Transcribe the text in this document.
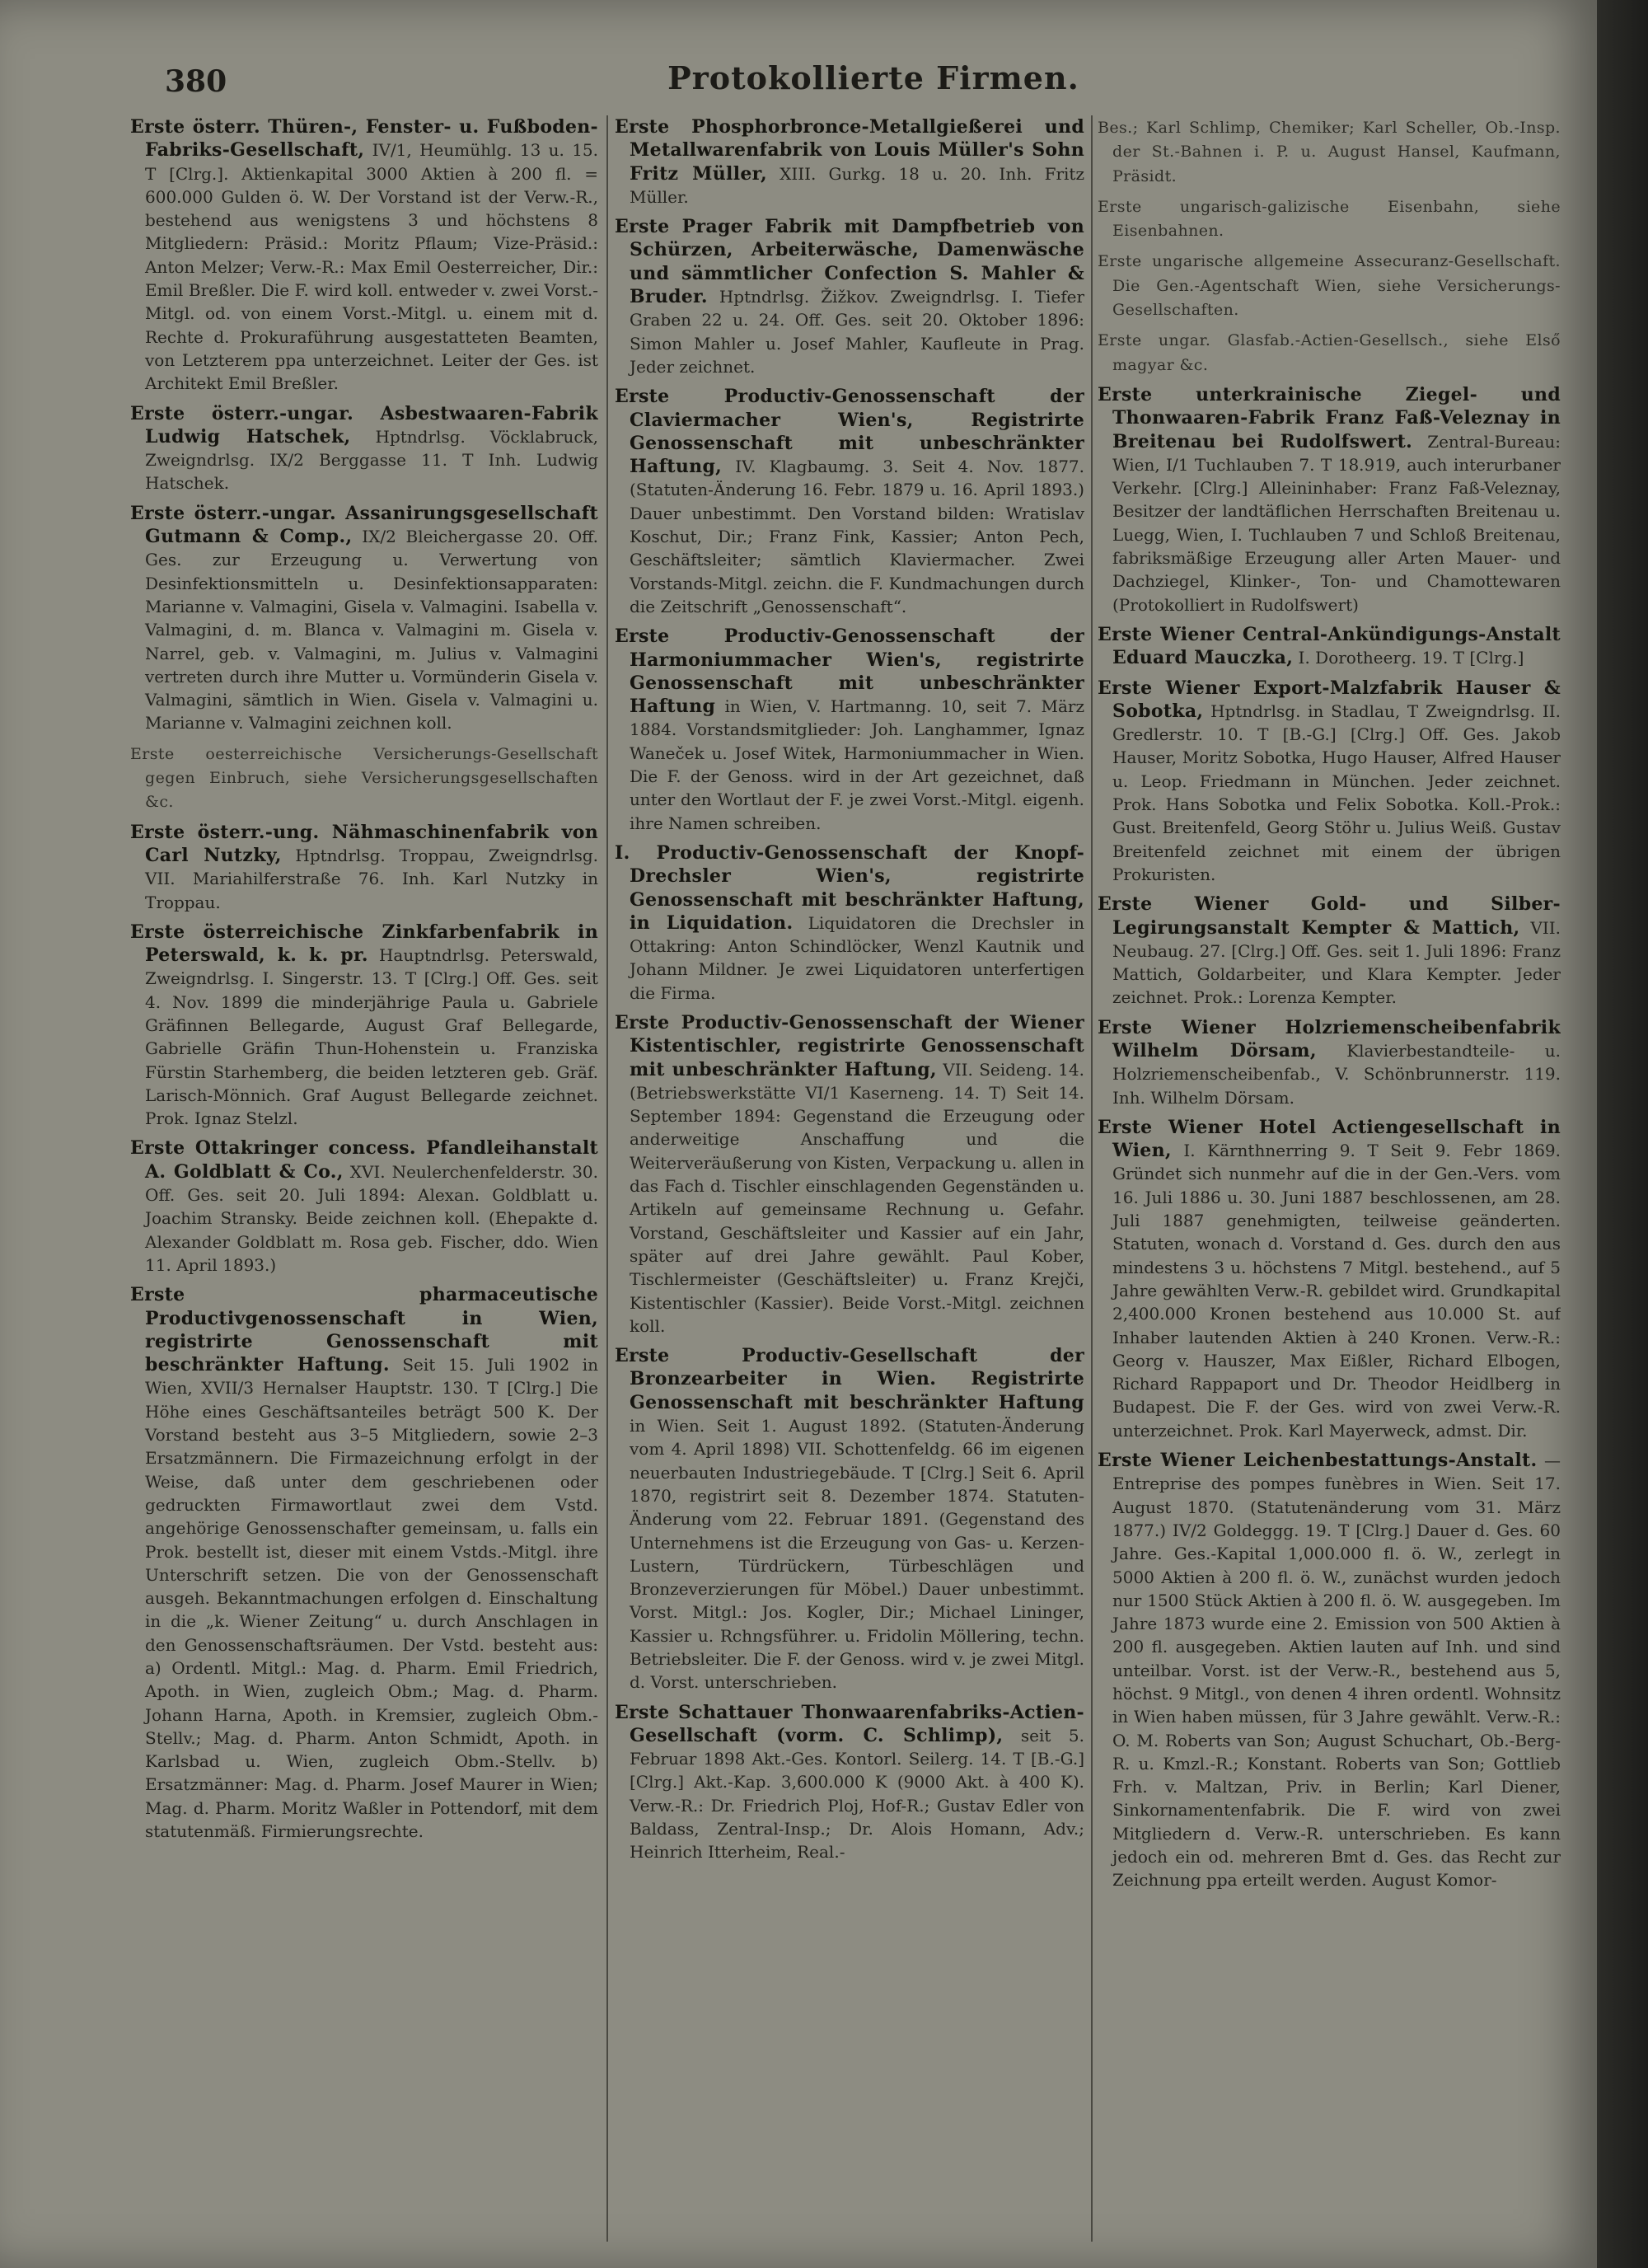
380	Protokollierte Firmen.

Erste österr. Thüren-, Fenster- u. Fußboden-Fabriks-Gesellschaft, IV/1, Heumühlg. 13 u. 15. T [Clrg.]. Aktienkapital 3000 Aktien à 200 fl. = 600.000 Gulden ö. W. Der Vorstand ist der Verw.-R., bestehend aus wenigstens 3 und höchstens 8 Mitgliedern: Präsid.: Moritz Pflaum; Vize-Präsid.: Anton Melzer; Verw.-R.: Max Emil Oesterreicher, Dir.: Emil Breßler. Die F. wird koll. entweder v. zwei Vorst.-Mitgl. od. von einem Vorst.-Mitgl. u. einem mit d. Rechte d. Prokuraführung ausgestatteten Beamten, von Letzterem ppa unterzeichnet. Leiter der Ges. ist Architekt Emil Breßler.

Erste österr.-ungar. Asbestwaaren-Fabrik Ludwig Hatschek, Hptndrlsg. Vöcklabruck, Zweigndrlsg. IX/2 Berggasse 11. T Inh. Ludwig Hatschek.

Erste österr.-ungar. Assanirungsgesellschaft Gutmann & Comp., IX/2 Bleichergasse 20. Off. Ges. zur Erzeugung u. Verwertung von Desinfektionsmitteln u. Desinfektionsapparaten: Marianne v. Valmagini, Gisela v. Valmagini. Isabella v. Valmagini, d. m. Blanca v. Valmagini m. Gisela v. Narrel, geb. v. Valmagini, m. Julius v. Valmagini vertreten durch ihre Mutter u. Vormünderin Gisela v. Valmagini, sämtlich in Wien. Gisela v. Valmagini u. Marianne v. Valmagini zeichnen koll.

Erste oesterreichische Versicherungs-Gesellschaft gegen Einbruch, siehe Versicherungsgesellschaften &c.

Erste österr.-ung. Nähmaschinenfabrik von Carl Nutzky, Hptndrlsg. Troppau, Zweigndrlsg. VII. Mariahilferstraße 76. Inh. Karl Nutzky in Troppau.

Erste österreichische Zinkfarbenfabrik in Peterswald, k. k. pr. Hauptndrlsg. Peterswald, Zweigndrlsg. I. Singerstr. 13. T [Clrg.] Off. Ges. seit 4. Nov. 1899 die minderjährige Paula u. Gabriele Gräfinnen Bellegarde, August Graf Bellegarde, Gabrielle Gräfin Thun-Hohenstein u. Franziska Fürstin Starhemberg, die beiden letzteren geb. Gräf. Larisch-Mönnich. Graf August Bellegarde zeichnet. Prok. Ignaz Stelzl.

Erste Ottakringer concess. Pfandleihanstalt A. Goldblatt & Co., XVI. Neulerchenfelderstr. 30. Off. Ges. seit 20. Juli 1894: Alexan. Goldblatt u. Joachim Stransky. Beide zeichnen koll. (Ehepakte d. Alexander Goldblatt m. Rosa geb. Fischer, ddo. Wien 11. April 1893.)

Erste pharmaceutische Productivgenossenschaft in Wien, registrirte Genossenschaft mit beschränkter Haftung. Seit 15. Juli 1902 in Wien, XVII/3 Hernalser Hauptstr. 130. T [Clrg.] Die Höhe eines Geschäftsanteiles beträgt 500 K. Der Vorstand besteht aus 3–5 Mitgliedern, sowie 2–3 Ersatzmännern. Die Firmazeichnung erfolgt in der Weise, daß unter dem geschriebenen oder gedruckten Firmawortlaut zwei dem Vstd. angehörige Genossenschafter gemeinsam, u. falls ein Prok. bestellt ist, dieser mit einem Vstds.-Mitgl. ihre Unterschrift setzen. Die von der Genossenschaft ausgeh. Bekanntmachungen erfolgen d. Einschaltung in die „k. Wiener Zeitung“ u. durch Anschlagen in den Genossenschaftsräumen. Der Vstd. besteht aus: a) Ordentl. Mitgl.: Mag. d. Pharm. Emil Friedrich, Apoth. in Wien, zugleich Obm.; Mag. d. Pharm. Johann Harna, Apoth. in Kremsier, zugleich Obm.-Stellv.; Mag. d. Pharm. Anton Schmidt, Apoth. in Karlsbad u. Wien, zugleich Obm.-Stellv. b) Ersatzmänner: Mag. d. Pharm. Josef Maurer in Wien; Mag. d. Pharm. Moritz Waßler in Pottendorf, mit dem statutenmäß. Firmierungsrechte.

Erste Phosphorbronce-Metallgießerei und Metallwarenfabrik von Louis Müller's Sohn Fritz Müller, XIII. Gurkg. 18 u. 20. Inh. Fritz Müller.

Erste Prager Fabrik mit Dampfbetrieb von Schürzen, Arbeiterwäsche, Damenwäsche und sämmtlicher Confection S. Mahler & Bruder. Hptndrlsg. Žižkov. Zweigndrlsg. I. Tiefer Graben 22 u. 24. Off. Ges. seit 20. Oktober 1896: Simon Mahler u. Josef Mahler, Kaufleute in Prag. Jeder zeichnet.

Erste Productiv-Genossenschaft der Claviermacher Wien's, Registrirte Genossenschaft mit unbeschränkter Haftung, IV. Klagbaumg. 3. Seit 4. Nov. 1877. (Statuten-Änderung 16. Febr. 1879 u. 16. April 1893.) Dauer unbestimmt. Den Vorstand bilden: Wratislav Koschut, Dir.; Franz Fink, Kassier; Anton Pech, Geschäftsleiter; sämtlich Klaviermacher. Zwei Vorstands-Mitgl. zeichn. die F. Kundmachungen durch die Zeitschrift „Genossenschaft“.

Erste Productiv-Genossenschaft der Harmoniummacher Wien's, registrirte Genossenschaft mit unbeschränkter Haftung in Wien, V. Hartmanng. 10, seit 7. März 1884. Vorstandsmitglieder: Joh. Langhammer, Ignaz Waneček u. Josef Witek, Harmoniummacher in Wien. Die F. der Genoss. wird in der Art gezeichnet, daß unter den Wortlaut der F. je zwei Vorst.-Mitgl. eigenh. ihre Namen schreiben.

I. Productiv-Genossenschaft der Knopf-Drechsler Wien's, registrirte Genossenschaft mit beschränkter Haftung, in Liquidation. Liquidatoren die Drechsler in Ottakring: Anton Schindlöcker, Wenzl Kautnik und Johann Mildner. Je zwei Liquidatoren unterfertigen die Firma.

Erste Productiv-Genossenschaft der Wiener Kistentischler, registrirte Genossenschaft mit unbeschränkter Haftung, VII. Seideng. 14. (Betriebswerkstätte VI/1 Kaserneng. 14. T) Seit 14. September 1894: Gegenstand die Erzeugung oder anderweitige Anschaffung und die Weiterveräußerung von Kisten, Verpackung u. allen in das Fach d. Tischler einschlagenden Gegenständen u. Artikeln auf gemeinsame Rechnung u. Gefahr. Vorstand, Geschäftsleiter und Kassier auf ein Jahr, später auf drei Jahre gewählt. Paul Kober, Tischlermeister (Geschäftsleiter) u. Franz Krejči, Kistentischler (Kassier). Beide Vorst.-Mitgl. zeichnen koll.

Erste Productiv-Gesellschaft der Bronzearbeiter in Wien. Registrirte Genossenschaft mit beschränkter Haftung in Wien. Seit 1. August 1892. (Statuten-Änderung vom 4. April 1898) VII. Schottenfeldg. 66 im eigenen neuerbauten Industriegebäude. T [Clrg.] Seit 6. April 1870, registrirt seit 8. Dezember 1874. Statuten-Änderung vom 22. Februar 1891. (Gegenstand des Unternehmens ist die Erzeugung von Gas- u. Kerzen-Lustern, Türdrückern, Türbeschlägen und Bronzeverzierungen für Möbel.) Dauer unbestimmt. Vorst. Mitgl.: Jos. Kogler, Dir.; Michael Lininger, Kassier u. Rchngsführer. u. Fridolin Möllering, techn. Betriebsleiter. Die F. der Genoss. wird v. je zwei Mitgl. d. Vorst. unterschrieben.

Erste Schattauer Thonwaarenfabriks-Actien-Gesellschaft (vorm. C. Schlimp), seit 5. Februar 1898 Akt.-Ges. Kontorl. Seilerg. 14. T [B.-G.] [Clrg.] Akt.-Kap. 3,600.000 K (9000 Akt. à 400 K). Verw.-R.: Dr. Friedrich Ploj, Hof-R.; Gustav Edler von Baldass, Zentral-Insp.; Dr. Alois Homann, Adv.; Heinrich Itterheim, Real.-

Bes.; Karl Schlimp, Chemiker; Karl Scheller, Ob.-Insp. der St.-Bahnen i. P. u. August Hansel, Kaufmann, Präsidt.

Erste ungarisch-galizische Eisenbahn, siehe Eisenbahnen.

Erste ungarische allgemeine Assecuranz-Gesellschaft. Die Gen.-Agentschaft Wien, siehe Versicherungs-Gesellschaften.

Erste ungar. Glasfab.-Actien-Gesellsch., siehe Első magyar &c.

Erste unterkrainische Ziegel- und Thonwaaren-Fabrik Franz Faß-Veleznay in Breitenau bei Rudolfswert. Zentral-Bureau: Wien, I/1 Tuchlauben 7. T 18.919, auch interurbaner Verkehr. [Clrg.] Alleininhaber: Franz Faß-Veleznay, Besitzer der landtäflichen Herrschaften Breitenau u. Luegg, Wien, I. Tuchlauben 7 und Schloß Breitenau, fabriksmäßige Erzeugung aller Arten Mauer- und Dachziegel, Klinker-, Ton- und Chamottewaren (Protokolliert in Rudolfswert)

Erste Wiener Central-Ankündigungs-Anstalt Eduard Mauczka, I. Dorotheerg. 19. T [Clrg.]

Erste Wiener Export-Malzfabrik Hauser & Sobotka, Hptndrlsg. in Stadlau, T Zweigndrlsg. II. Gredlerstr. 10. T [B.-G.] [Clrg.] Off. Ges. Jakob Hauser, Moritz Sobotka, Hugo Hauser, Alfred Hauser u. Leop. Friedmann in München. Jeder zeichnet. Prok. Hans Sobotka und Felix Sobotka. Koll.-Prok.: Gust. Breitenfeld, Georg Stöhr u. Julius Weiß. Gustav Breitenfeld zeichnet mit einem der übrigen Prokuristen.

Erste Wiener Gold- und Silber-Legirungsanstalt Kempter & Mattich, VII. Neubaug. 27. [Clrg.] Off. Ges. seit 1. Juli 1896: Franz Mattich, Goldarbeiter, und Klara Kempter. Jeder zeichnet. Prok.: Lorenza Kempter.

Erste Wiener Holzriemenscheibenfabrik Wilhelm Dörsam, Klavierbestandteile- u. Holzriemenscheibenfab., V. Schönbrunnerstr. 119. Inh. Wilhelm Dörsam.

Erste Wiener Hotel Actiengesellschaft in Wien, I. Kärnthnerring 9. T Seit 9. Febr 1869. Gründet sich nunmehr auf die in der Gen.-Vers. vom 16. Juli 1886 u. 30. Juni 1887 beschlossenen, am 28. Juli 1887 genehmigten, teilweise geänderten. Statuten, wonach d. Vorstand d. Ges. durch den aus mindestens 3 u. höchstens 7 Mitgl. bestehend., auf 5 Jahre gewählten Verw.-R. gebildet wird. Grundkapital 2,400.000 Kronen bestehend aus 10.000 St. auf Inhaber lautenden Aktien à 240 Kronen. Verw.-R.: Georg v. Hauszer, Max Eißler, Richard Elbogen, Richard Rappaport und Dr. Theodor Heidlberg in Budapest. Die F. der Ges. wird von zwei Verw.-R. unterzeichnet. Prok. Karl Mayerweck, admst. Dir.

Erste Wiener Leichenbestattungs-Anstalt. — Entreprise des pompes funèbres in Wien. Seit 17. August 1870. (Statutenänderung vom 31. März 1877.) IV/2 Goldeggg. 19. T [Clrg.] Dauer d. Ges. 60 Jahre. Ges.-Kapital 1,000.000 fl. ö. W., zerlegt in 5000 Aktien à 200 fl. ö. W., zunächst wurden jedoch nur 1500 Stück Aktien à 200 fl. ö. W. ausgegeben. Im Jahre 1873 wurde eine 2. Emission von 500 Aktien à 200 fl. ausgegeben. Aktien lauten auf Inh. und sind unteilbar. Vorst. ist der Verw.-R., bestehend aus 5, höchst. 9 Mitgl., von denen 4 ihren ordentl. Wohnsitz in Wien haben müssen, für 3 Jahre gewählt. Verw.-R.: O. M. Roberts van Son; August Schuchart, Ob.-Berg-R. u. Kmzl.-R.; Konstant. Roberts van Son; Gottlieb Frh. v. Maltzan, Priv. in Berlin; Karl Diener, Sinkornamentenfabrik. Die F. wird von zwei Mitgliedern d. Verw.-R. unterschrieben. Es kann jedoch ein od. mehreren Bmt d. Ges. das Recht zur Zeichnung ppa erteilt werden. August Komor-
